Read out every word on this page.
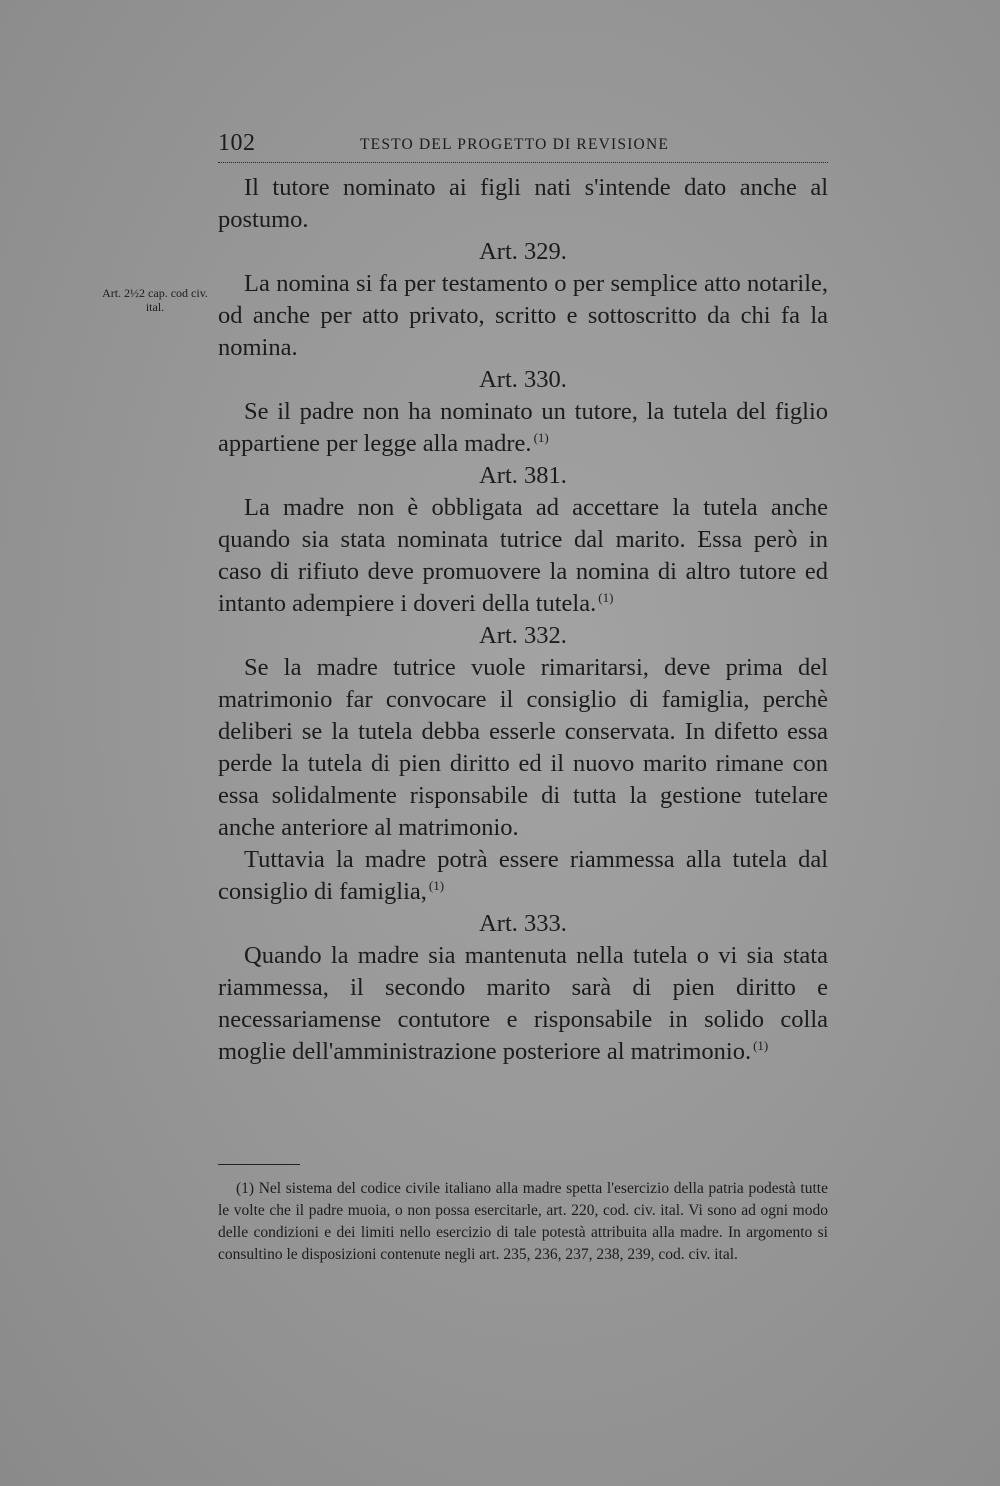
102	TESTO DEL PROGETTO DI REVISIONE
Art. 2½2 cap. cod civ. ital.

Il tutore nominato ai figli nati s'intende dato anche al postumo.

Art. 329.

La nomina si fa per testamento o per semplice atto notarile, od anche per atto privato, scritto e sottoscritto da chi fa la nomina.

Art. 330.

Se il padre non ha nominato un tutore, la tutela del figlio appartiene per legge alla madre. $^{(1)}$

Art. 381.

La madre non è obbligata ad accettare la tutela anche quando sia stata nominata tutrice dal marito. Essa però in caso di rifiuto deve promuovere la nomina di altro tutore ed intanto adempiere i doveri della tutela. $^{(1)}$

Art. 332.

Se la madre tutrice vuole rimaritarsi, deve prima del matrimonio far convocare il consiglio di famiglia, perchè deliberi se la tutela debba esserle conservata. In difetto essa perde la tutela di pien diritto ed il nuovo marito rimane con essa solidalmente risponsabile di tutta la gestione tutelare anche anteriore al matrimonio.

Tuttavia la madre potrà essere riammessa alla tutela dal consiglio di famiglia, $^{(1)}$

Art. 333.

Quando la madre sia mantenuta nella tutela o vi sia stata riammessa, il secondo marito sarà di pien diritto e necessariamense contutore e risponsabile in solido colla moglie dell'amministrazione posteriore al matrimonio. $^{(1)}$

(1) Nel sistema del codice civile italiano alla madre spetta l'esercizio della patria podestà tutte le volte che il padre muoia, o non possa esercitarle, art. 220, cod. civ. ital. Vi sono ad ogni modo delle condizioni e dei limiti nello esercizio di tale potestà attribuita alla madre. In argomento si consultino le disposizioni contenute negli art. 235, 236, 237, 238, 239, cod. civ. ital.
